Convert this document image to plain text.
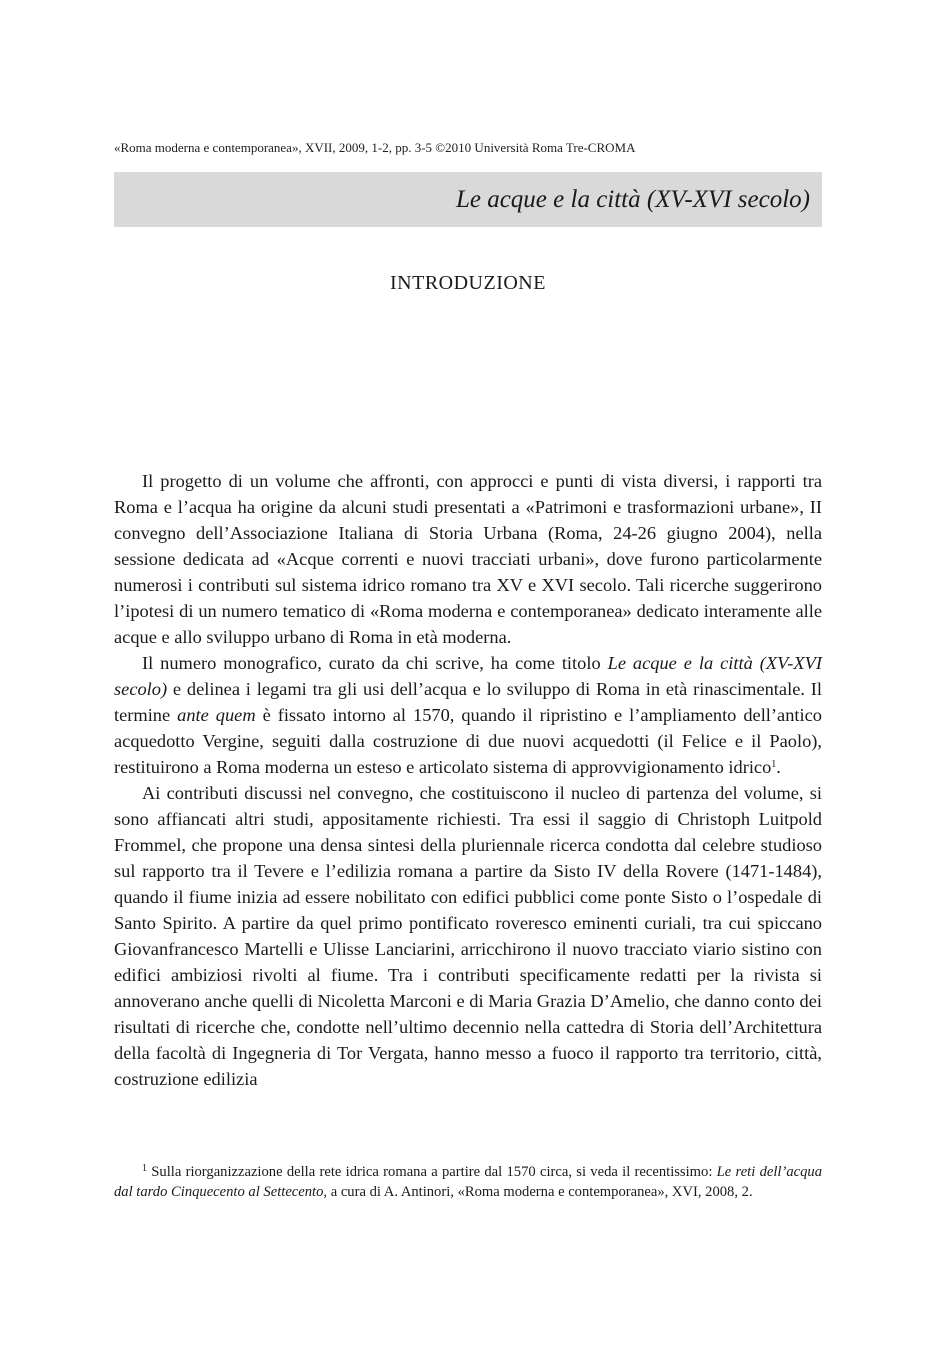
«Roma moderna e contemporanea», XVII, 2009, 1-2, pp. 3-5 ©2010 Università Roma Tre-CROMA
Le acque e la città (XV-XVI secolo)
INTRODUZIONE

Il progetto di un volume che affronti, con approcci e punti di vista diversi, i rapporti tra Roma e l’acqua ha origine da alcuni studi presentati a «Patrimoni e trasformazioni urbane», II convegno dell’Associazione Italiana di Storia Urbana (Roma, 24-26 giugno 2004), nella sessione dedicata ad «Acque correnti e nuovi tracciati urbani», dove furono particolarmente numerosi i contributi sul sistema idrico romano tra XV e XVI secolo. Tali ricerche suggerirono l’ipotesi di un numero tematico di «Roma moderna e contemporanea» dedicato interamente alle acque e allo sviluppo urbano di Roma in età moderna.

Il numero monografico, curato da chi scrive, ha come titolo Le acque e la città (XV-XVI secolo) e delinea i legami tra gli usi dell’acqua e lo sviluppo di Roma in età rinascimentale. Il termine ante quem è fissato intorno al 1570, quando il ripristino e l’ampliamento dell’antico acquedotto Vergine, seguiti dalla costruzione di due nuovi acquedotti (il Felice e il Paolo), restituirono a Roma moderna un esteso e articolato sistema di approvvigionamento idrico$^1$.

Ai contributi discussi nel convegno, che costituiscono il nucleo di partenza del volume, si sono affiancati altri studi, appositamente richiesti. Tra essi il saggio di Christoph Luitpold Frommel, che propone una densa sintesi della pluriennale ricerca condotta dal celebre studioso sul rapporto tra il Tevere e l’edilizia romana a partire da Sisto IV della Rovere (1471-1484), quando il fiume inizia ad essere nobilitato con edifici pubblici come ponte Sisto o l’ospedale di Santo Spirito. A partire da quel primo pontificato roveresco eminenti curiali, tra cui spiccano Giovanfrancesco Martelli e Ulisse Lanciarini, arricchirono il nuovo tracciato viario sistino con edifici ambiziosi rivolti al fiume. Tra i contributi specificamente redatti per la rivista si annoverano anche quelli di Nicoletta Marconi e di Maria Grazia D’Amelio, che danno conto dei risultati di ricerche che, condotte nell’ultimo decennio nella cattedra di Storia dell’Architettura della facoltà di Ingegneria di Tor Vergata, hanno messo a fuoco il rapporto tra territorio, città, costruzione edilizia

$^1$ Sulla riorganizzazione della rete idrica romana a partire dal 1570 circa, si veda il recentissimo: Le reti dell’acqua dal tardo Cinquecento al Settecento, a cura di A. Antinori, «Roma moderna e contemporanea», XVI, 2008, 2.
